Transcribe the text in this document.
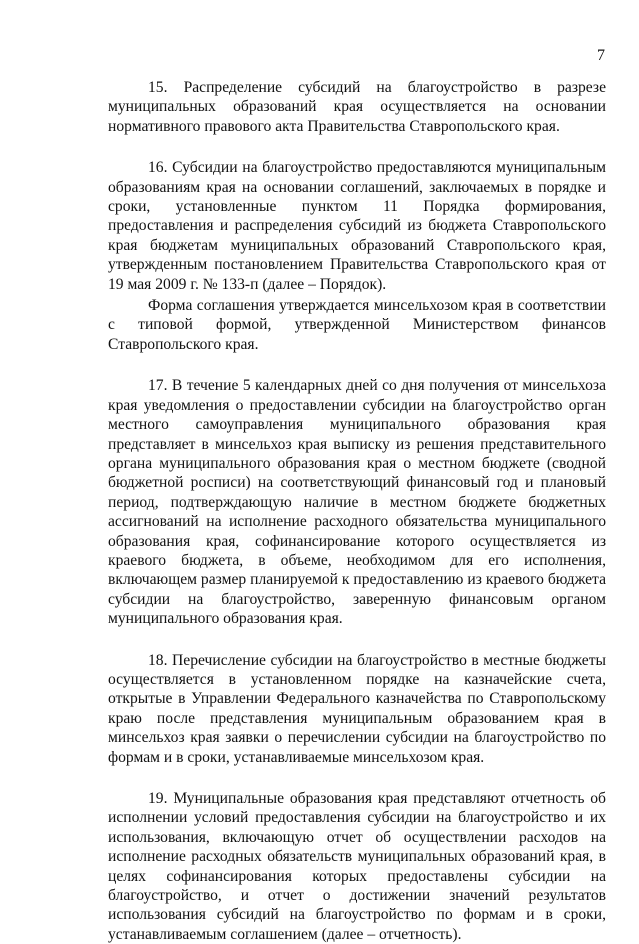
7

15. Распределение субсидий на благоустройство в разрезе муниципальных образований края осуществляется на основании нормативного правового акта Правительства Ставропольского края.

16. Субсидии на благоустройство предоставляются муниципальным образованиям края на основании соглашений, заключаемых в порядке и сроки, установленные пунктом 11 Порядка формирования, предоставления и распределения субсидий из бюджета Ставропольского края бюджетам муниципальных образований Ставропольского края, утвержденным постановлением Правительства Ставропольского края от 19 мая 2009 г. № 133-п (далее – Порядок).

Форма соглашения утверждается минсельхозом края в соответствии с типовой формой, утвержденной Министерством финансов Ставропольского края.

17. В течение 5 календарных дней со дня получения от минсельхоза края уведомления о предоставлении субсидии на благоустройство орган местного самоуправления муниципального образования края представляет в минсельхоз края выписку из решения представительного органа муниципального образования края о местном бюджете (сводной бюджетной росписи) на соответствующий финансовый год и плановый период, подтверждающую наличие в местном бюджете бюджетных ассигнований на исполнение расходного обязательства муниципального образования края, софинансирование которого осуществляется из краевого бюджета, в объеме, необходимом для его исполнения, включающем размер планируемой к предоставлению из краевого бюджета субсидии на благоустройство, заверенную финансовым органом муниципального образования края.

18. Перечисление субсидии на благоустройство в местные бюджеты осуществляется в установленном порядке на казначейские счета, открытые в Управлении Федерального казначейства по Ставропольскому краю после представления муниципальным образованием края в минсельхоз края заявки о перечислении субсидии на благоустройство по формам и в сроки, устанавливаемые минсельхозом края.

19. Муниципальные образования края представляют отчетность об исполнении условий предоставления субсидии на благоустройство и их использования, включающую отчет об осуществлении расходов на исполнение расходных обязательств муниципальных образований края, в целях софинансирования которых предоставлены субсидии на благоустройство, и отчет о достижении значений результатов использования субсидий на благоустройство по формам и в сроки, устанавливаемым соглашением (далее – отчетность).
